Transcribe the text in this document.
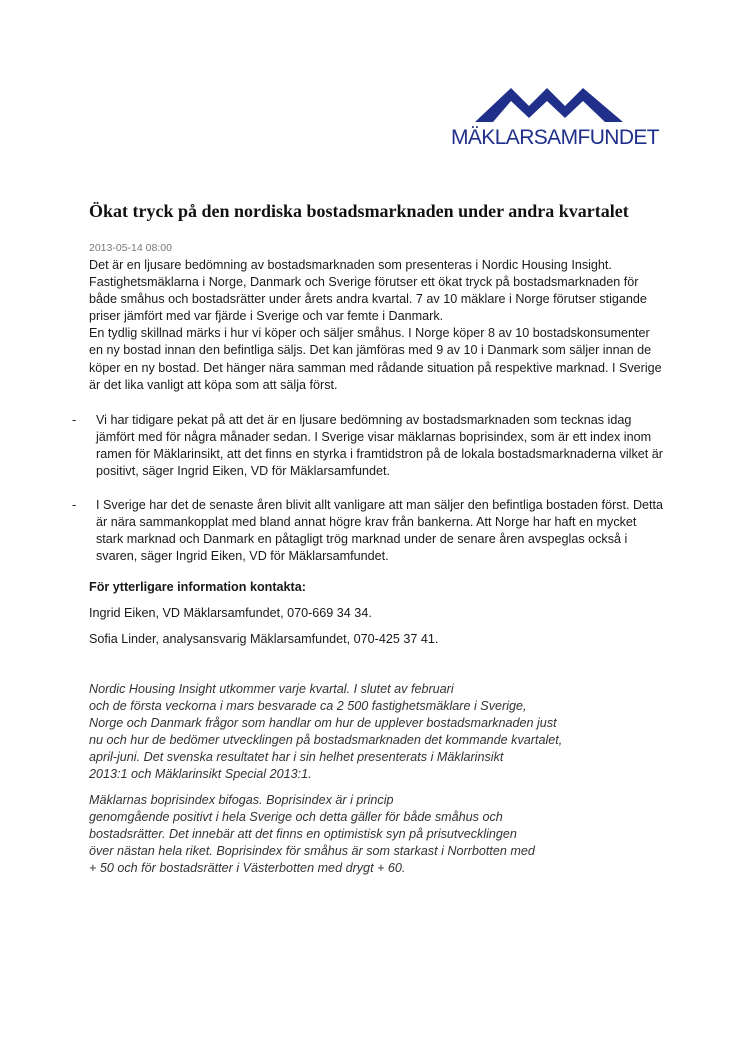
MÄKLARSAMFUNDET
Ökat tryck på den nordiska bostadsmarknaden under andra kvartalet
2013-05-14 08:00

Det är en ljusare bedömning av bostadsmarknaden som presenteras i Nordic Housing Insight. Fastighetsmäklarna i Norge, Danmark och Sverige förutser ett ökat tryck på bostadsmarknaden för både småhus och bostadsrätter under årets andra kvartal. 7 av 10 mäklare i Norge förutser stigande priser jämfört med var fjärde i Sverige och var femte i Danmark.

En tydlig skillnad märks i hur vi köper och säljer småhus. I Norge köper 8 av 10 bostadskonsumenter en ny bostad innan den befintliga säljs. Det kan jämföras med 9 av 10 i Danmark som säljer innan de köper en ny bostad. Det hänger nära samman med rådande situation på respektive marknad. I Sverige är det lika vanligt att köpa som att sälja först.

- Vi har tidigare pekat på att det är en ljusare bedömning av bostadsmarknaden som tecknas idag jämfört med för några månader sedan. I Sverige visar mäklarnas boprisindex, som är ett index inom ramen för Mäklarinsikt, att det finns en styrka i framtidstron på de lokala bostadsmarknaderna vilket är positivt, säger Ingrid Eiken, VD för Mäklarsamfundet.
- I Sverige har det de senaste åren blivit allt vanligare att man säljer den befintliga bostaden först. Detta är nära sammankopplat med bland annat högre krav från bankerna. Att Norge har haft en mycket stark marknad och Danmark en påtagligt trög marknad under de senare åren avspeglas också i svaren, säger Ingrid Eiken, VD för Mäklarsamfundet.
För ytterligare information kontakta:
Ingrid Eiken, VD Mäklarsamfundet, 070-669 34 34.
Sofia Linder, analysansvarig Mäklarsamfundet, 070-425 37 41.
Nordic Housing Insight utkommer varje kvartal. I slutet av februari
och de första veckorna i mars besvarade ca 2 500 fastighetsmäklare i Sverige,
Norge och Danmark frågor som handlar om hur de upplever bostadsmarknaden just
nu och hur de bedömer utvecklingen på bostadsmarknaden det kommande kvartalet,
april-juni. Det svenska resultatet har i sin helhet presenterats i Mäklarinsikt
2013:1 och Mäklarinsikt Special 2013:1.
Mäklarnas boprisindex bifogas. Boprisindex är i princip
genomgående positivt i hela Sverige och detta gäller för både småhus och
bostadsrätter. Det innebär att det finns en optimistisk syn på prisutvecklingen
över nästan hela riket. Boprisindex för småhus är som starkast i Norrbotten med
+ 50 och för bostadsrätter i Västerbotten med drygt + 60.
